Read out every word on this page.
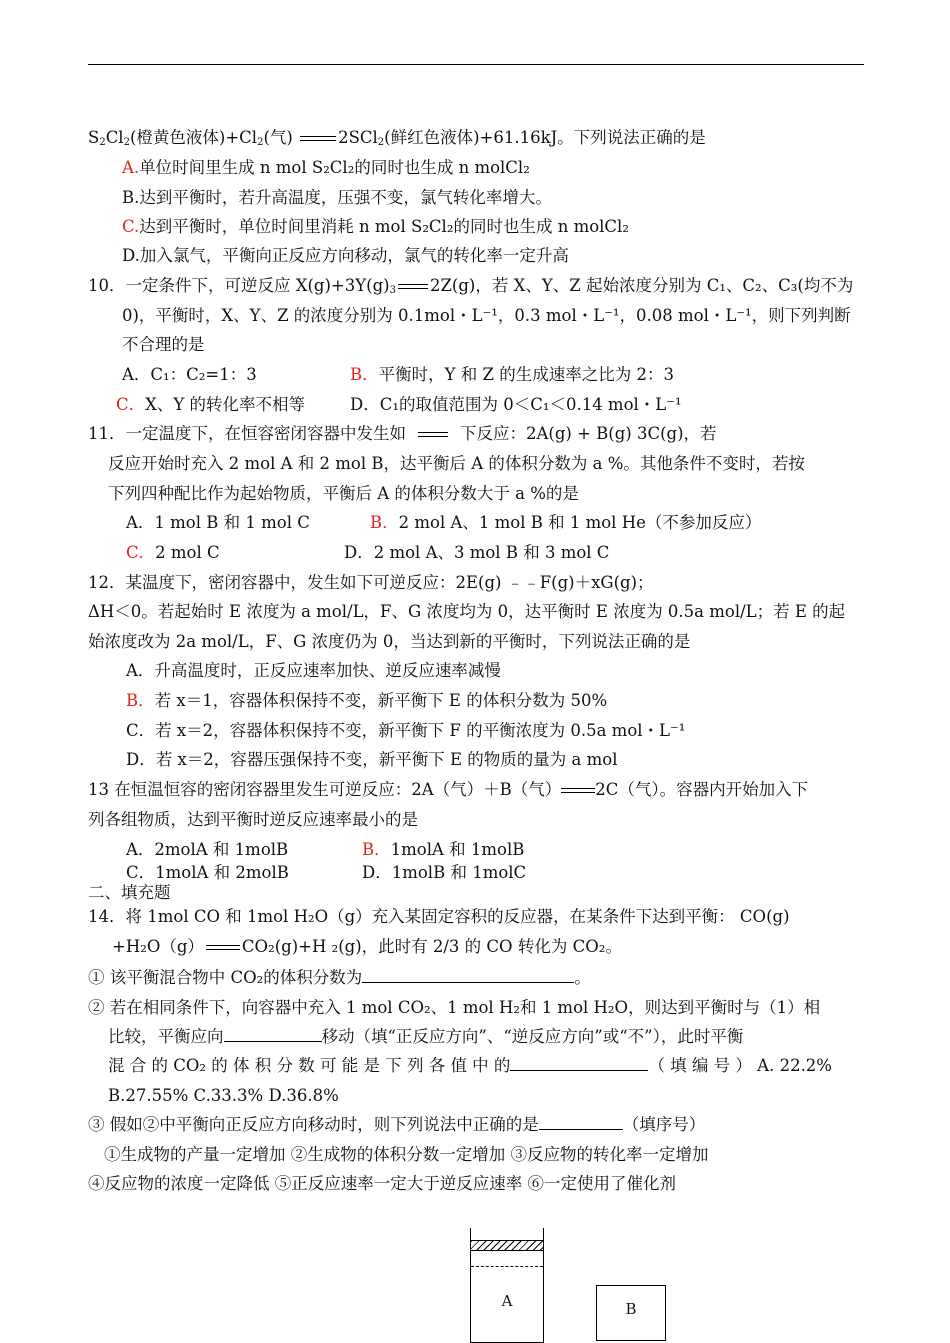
$S_2Cl_2$(橙黄色液体)$+Cl_2$(气)	2SCl$_2$(鲜红色液体)+61.16kJ。下列说法正确的是
A.单位时间里生成 n mol S₂Cl₂的同时也生成 n molCl₂
B.达到平衡时，若升高温度，压强不变，氯气转化率增大。
C.达到平衡时，单位时间里消耗 n mol S₂Cl₂的同时也生成 n molCl₂
D.加入氯气，平衡向正反应方向移动，氯气的转化率一定升高
10．一定条件下，可逆反应 $X(g)+3Y(g)_3$ 2Z(g)，若 X、Y、Z 起始浓度分别为 C₁、C₂、C₃(均不为
0)，平衡时，X、Y、Z 的浓度分别为 0.1mol・L⁻¹，0.3 mol・L⁻¹，0.08 mol・L⁻¹，则下列判断
不合理的是
A．C₁：C₂=1：3	B．平衡时，Y 和 Z 的生成速率之比为 2：3
C．X、Y 的转化率不相等	D．C₁的取值范围为 0＜C₁＜0.14 mol・L⁻¹
11．一定温度下，在恒容密闭容器中发生如	下反应：2A(g) + B(g) 3C(g)，若
反应开始时充入 2 mol A 和 2 mol B，达平衡后 A 的体积分数为 a %。其他条件不变时，若按
下列四种配比作为起始物质，平衡后 A 的体积分数大于 a %的是
A．1 mol B 和 1 mol C	B．2 mol A、1 mol B 和 1 mol He（不参加反应）
C．2 mol C	D．2 mol A、3 mol B 和 3 mol C
12．某温度下，密闭容器中，发生如下可逆反应：2E(g) ﹣﹣F(g)＋xG(g)；
ΔH＜0。若起始时 E 浓度为 a mol/L，F、G 浓度均为 0，达平衡时 E 浓度为 0.5a mol/L；若 E 的起
始浓度改为 2a mol/L，F、G 浓度仍为 0，当达到新的平衡时，下列说法正确的是
A．升高温度时，正反应速率加快、逆反应速率减慢
B．若 x＝1，容器体积保持不变，新平衡下 E 的体积分数为 50%
C．若 x＝2，容器体积保持不变，新平衡下 F 的平衡浓度为 0.5a mol・L⁻¹
D．若 x＝2，容器压强保持不变，新平衡下 E 的物质的量为 a mol
13 在恒温恒容的密闭容器里发生可逆反应：2A（气）＋B（气） 2C（气）。容器内开始加入下
列各组物质，达到平衡时逆反应速率最小的是
A．2molA 和 1molB	B．1molA 和 1molB
C．1molA 和 2molB	D．1molB 和 1molC
二、填充题
14．将 1mol CO 和 1mol H₂O（g）充入某固定容积的反应器，在某条件下达到平衡： CO(g)
+H₂O（g） CO₂(g)+H ₂(g)，此时有 2/3 的 CO 转化为 CO₂。
① 该平衡混合物中 CO₂的体积分数为	。
② 若在相同条件下，向容器中充入 1 mol CO₂、1 mol H₂和 1 mol H₂O，则达到平衡时与（1）相
比较，平衡应向	移动（填“正反应方向”、“逆反应方向”或“不”），此时平衡
混 合 的 CO₂ 的 体 积 分 数 可 能 是 下 列 各 值 中 的	（ 填 编 号 ） A. 22.2%
B.27.55% C.33.3% D.36.8%
③ 假如②中平衡向正反应方向移动时，则下列说法中正确的是	（填序号）
①生成物的产量一定增加 ②生成物的体积分数一定增加 ③反应物的转化率一定增加
④反应物的浓度一定降低 ⑤正反应速率一定大于逆反应速率 ⑥一定使用了催化剂
A	B
